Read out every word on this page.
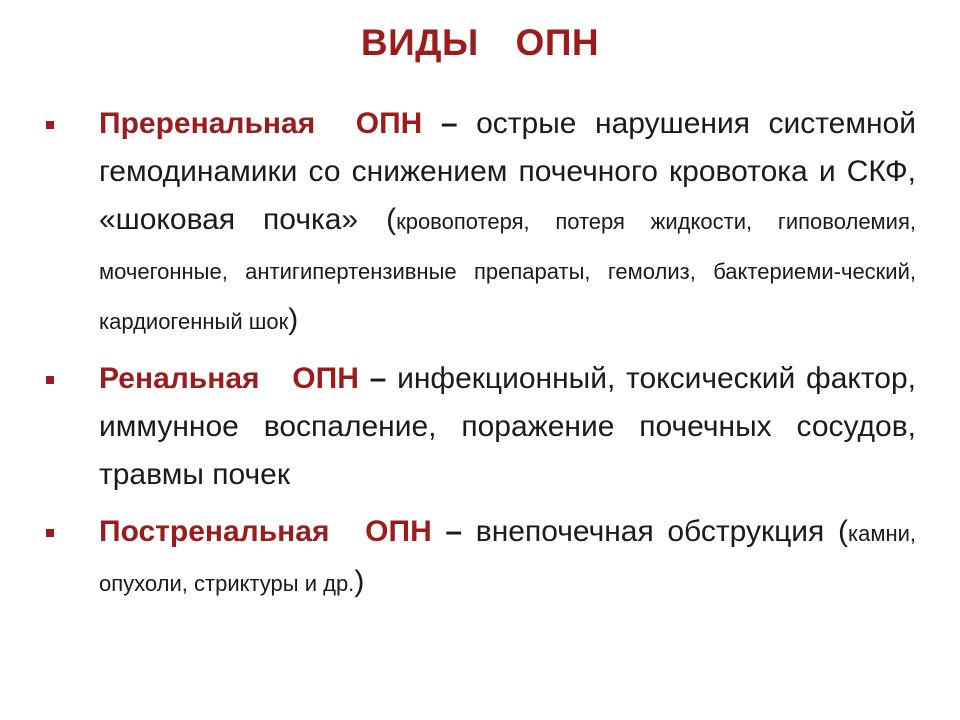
ВИДЫ ОПН
Преренальная ОПН – острые нарушения системной гемодинамики со снижением почечного кровотока и СКФ, «шоковая почка» (кровопотеря, потеря жидкости, гиповолемия, мочегонные, антигипертензивные препараты, гемолиз, бактериеми-ческий, кардиогенный шок)
Ренальная ОПН – инфекционный, токсический фактор, иммунное воспаление, поражение почечных сосудов, травмы почек
Постренальная ОПН – внепочечная обструкция (камни, опухоли, стриктуры и др.)
